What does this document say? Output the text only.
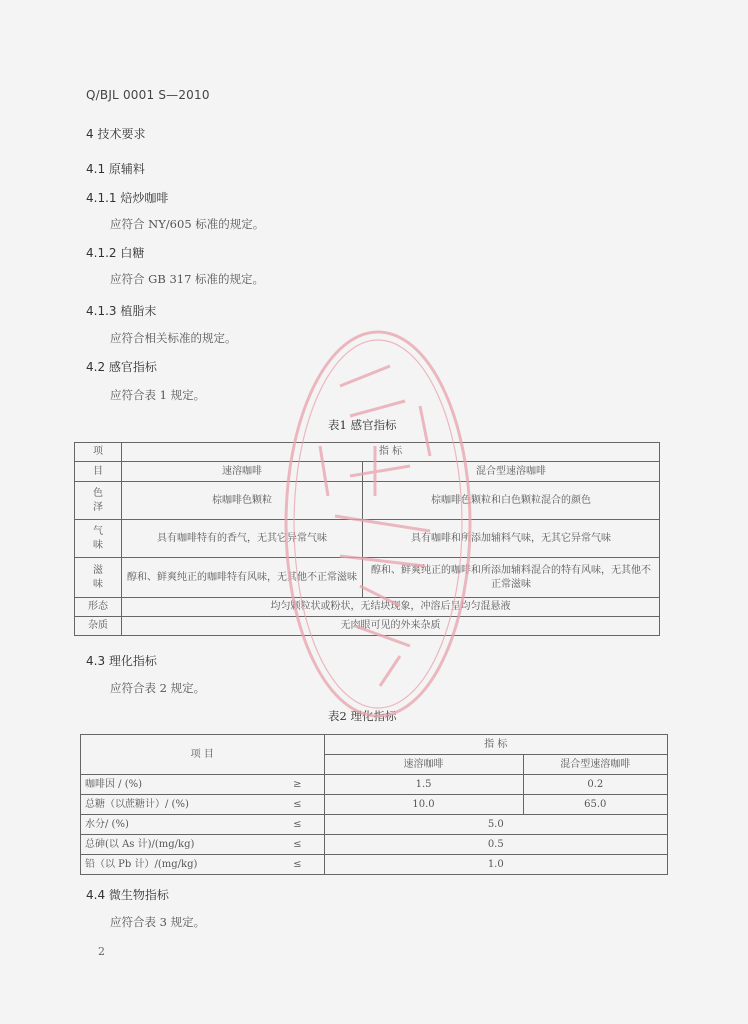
Q/BJL 0001 S—2010
4 技术要求
4.1 原辅料
4.1.1 焙炒咖啡
应符合 NY/605 标准的规定。
4.1.2 白糖
应符合 GB 317 标准的规定。
4.1.3 植脂末
应符合相关标准的规定。
4.2 感官指标
应符合表 1 规定。
表1 感官指标
项	指 标	
目	速溶咖啡	混合型速溶咖啡
色
泽	棕咖啡色颗粒	棕咖啡色颗粒和白色颗粒混合的颜色
气
味	具有咖啡特有的香气，无其它异常气味	具有咖啡和所添加辅料气味，无其它异常气味
滋
味	醇和、鲜爽纯正的咖啡特有风味，无其他不正常滋味	醇和、鲜爽纯正的咖啡和所添加辅料混合的特有风味，无其他不正常滋味
形态	均匀颗粒状或粉状，无结块现象，冲溶后呈均匀混悬液	
杂质	无肉眼可见的外来杂质	
4.3 理化指标
应符合表 2 规定。
表2 理化指标
项 目		指 标	
		速溶咖啡	混合型速溶咖啡
咖啡因 / (%)	≥	1.5	0.2
总糖（以蔗糖计）/ (%)	≤	10.0	65.0
水分/ (%)	≤	5.0	
总砷(以 As 计)/(mg/kg)	≤	0.5	
铅（以 Pb 计）/(mg/kg)	≤	1.0	
4.4 微生物指标
应符合表 3 规定。
2
